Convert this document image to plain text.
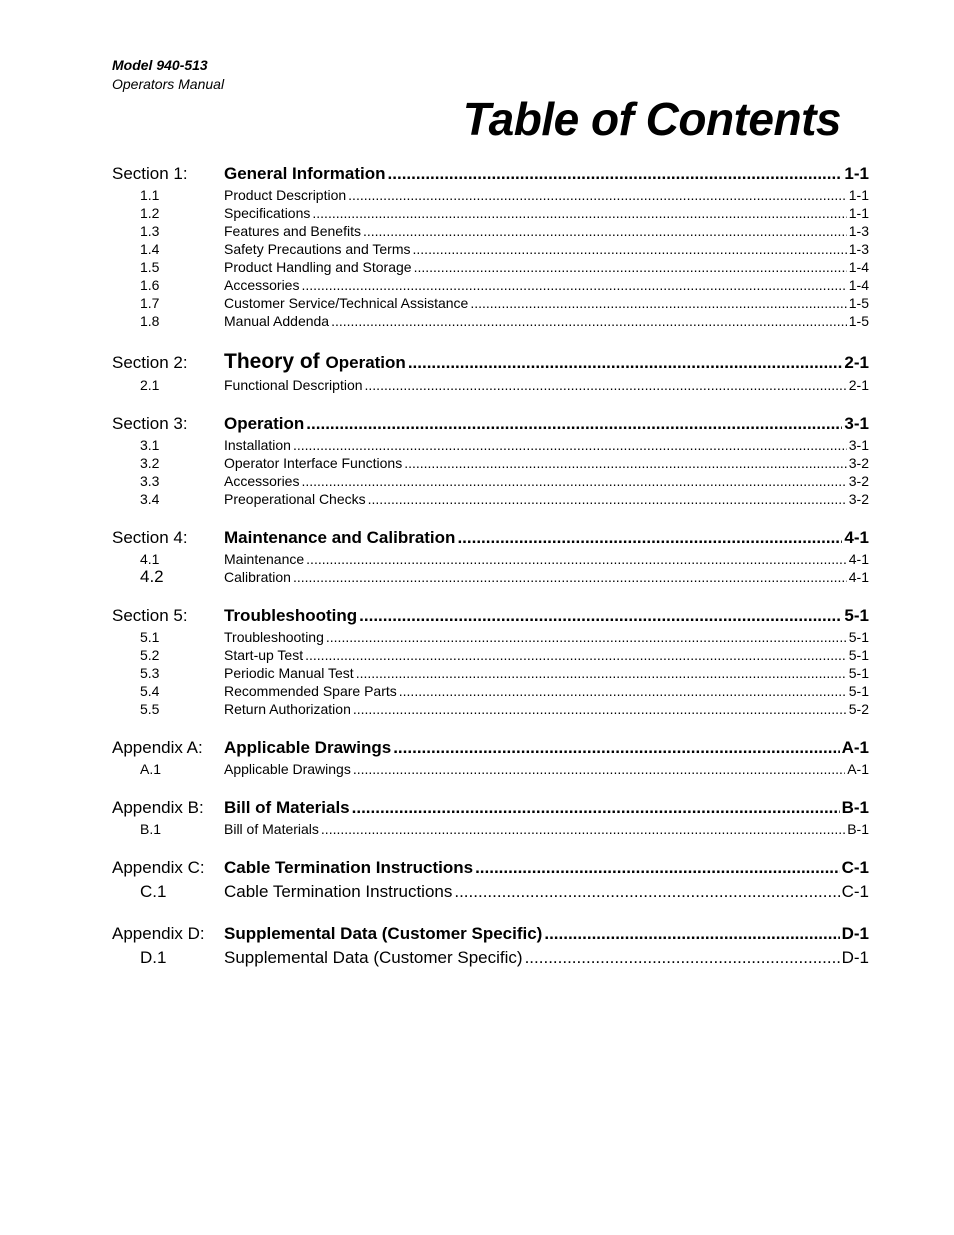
Model 940-513
Operators Manual
Table of Contents
Section 1:	General Information .....	1-1
1.1	Product Description .....	1-1
1.2	Specifications .....	1-1
1.3	Features and Benefits .....	1-3
1.4	Safety Precautions and Terms .....	1-3
1.5	Product Handling and Storage .....	1-4
1.6	Accessories .....	1-4
1.7	Customer Service/Technical Assistance .....	1-5
1.8	Manual Addenda .....	1-5
Section 2:	Theory of Operation .....	2-1
2.1	Functional Description .....	2-1
Section 3:	Operation .....	3-1
3.1	Installation .....	3-1
3.2	Operator Interface Functions .....	3-2
3.3	Accessories .....	3-2
3.4	Preoperational Checks .....	3-2
Section 4:	Maintenance and Calibration .....	4-1
4.1	Maintenance .....	4-1
4.2	Calibration .....	4-1
Section 5:	Troubleshooting .....	5-1
5.1	Troubleshooting .....	5-1
5.2	Start-up Test .....	5-1
5.3	Periodic Manual Test .....	5-1
5.4	Recommended Spare Parts .....	5-1
5.5	Return Authorization .....	5-2
Appendix A:	Applicable Drawings .....	A-1
A.1	Applicable Drawings .....	A-1
Appendix B:	Bill of Materials .....	B-1
B.1	Bill of Materials .....	B-1
Appendix C:	Cable Termination Instructions .....	C-1
C.1	Cable Termination Instructions .....	C-1
Appendix D:	Supplemental Data (Customer Specific) .....	D-1
D.1	Supplemental Data (Customer Specific) .....	D-1
